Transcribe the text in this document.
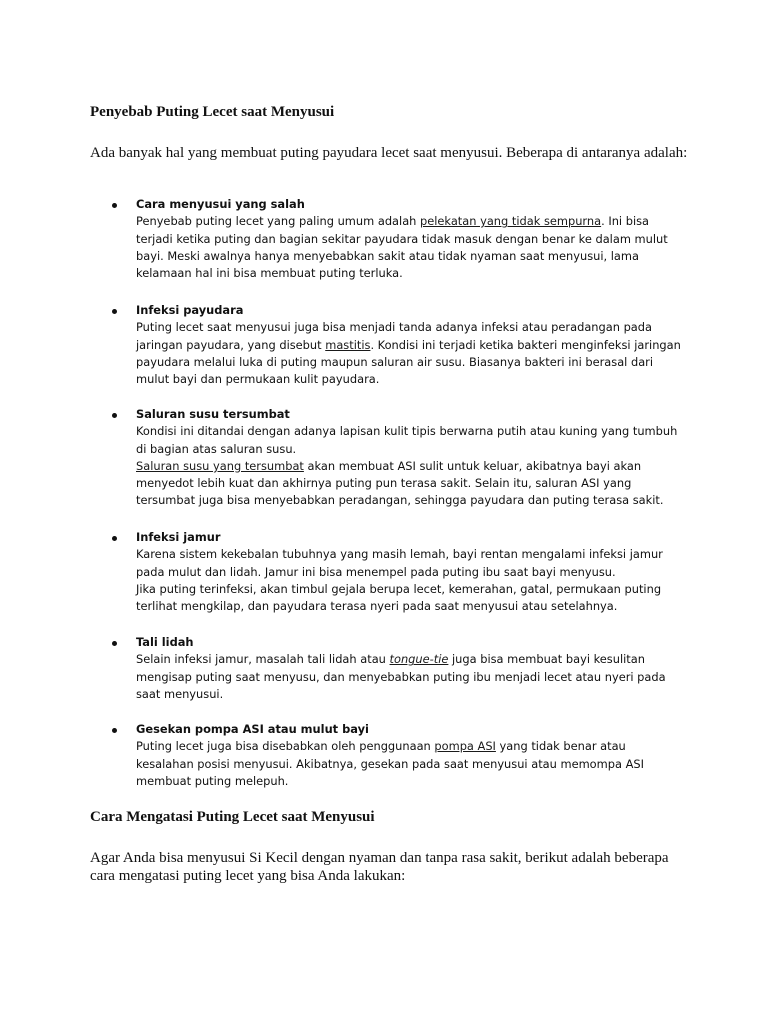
Penyebab Puting Lecet saat Menyusui

Ada banyak hal yang membuat puting payudara lecet saat menyusui. Beberapa di antaranya adalah:

Cara menyusui yang salah
Penyebab puting lecet yang paling umum adalah pelekatan yang tidak sempurna. Ini bisa terjadi ketika puting dan bagian sekitar payudara tidak masuk dengan benar ke dalam mulut bayi. Meski awalnya hanya menyebabkan sakit atau tidak nyaman saat menyusui, lama kelamaan hal ini bisa membuat puting terluka.
Infeksi payudara
Puting lecet saat menyusui juga bisa menjadi tanda adanya infeksi atau peradangan pada jaringan payudara, yang disebut mastitis. Kondisi ini terjadi ketika bakteri menginfeksi jaringan payudara melalui luka di puting maupun saluran air susu. Biasanya bakteri ini berasal dari mulut bayi dan permukaan kulit payudara.
Saluran susu tersumbat
Kondisi ini ditandai dengan adanya lapisan kulit tipis berwarna putih atau kuning yang tumbuh di bagian atas saluran susu.
Saluran susu yang tersumbat akan membuat ASI sulit untuk keluar, akibatnya bayi akan menyedot lebih kuat dan akhirnya puting pun terasa sakit. Selain itu, saluran ASI yang tersumbat juga bisa menyebabkan peradangan, sehingga payudara dan puting terasa sakit.
Infeksi jamur
Karena sistem kekebalan tubuhnya yang masih lemah, bayi rentan mengalami infeksi jamur pada mulut dan lidah. Jamur ini bisa menempel pada puting ibu saat bayi menyusu.
Jika puting terinfeksi, akan timbul gejala berupa lecet, kemerahan, gatal, permukaan puting terlihat mengkilap, dan payudara terasa nyeri pada saat menyusui atau setelahnya.
Tali lidah
Selain infeksi jamur, masalah tali lidah atau tongue-tie juga bisa membuat bayi kesulitan mengisap puting saat menyusu, dan menyebabkan puting ibu menjadi lecet atau nyeri pada saat menyusui.
Gesekan pompa ASI atau mulut bayi
Puting lecet juga bisa disebabkan oleh penggunaan pompa ASI yang tidak benar atau kesalahan posisi menyusui. Akibatnya, gesekan pada saat menyusui atau memompa ASI membuat puting melepuh.
Cara Mengatasi Puting Lecet saat Menyusui

Agar Anda bisa menyusui Si Kecil dengan nyaman dan tanpa rasa sakit, berikut adalah beberapa cara mengatasi puting lecet yang bisa Anda lakukan:
